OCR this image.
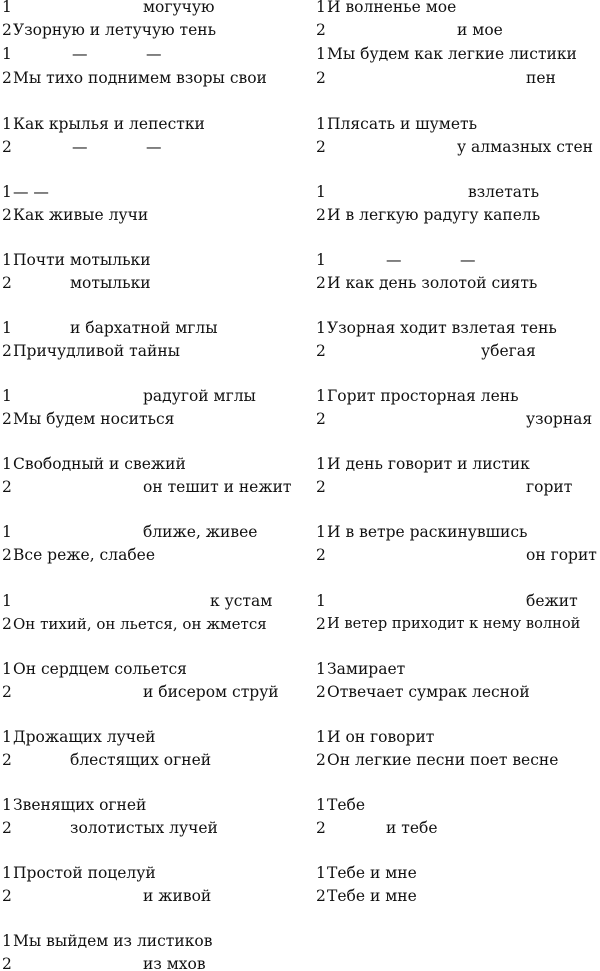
1	могучую
2 Узорную и летучую тень
1	—	—
2 Мы тихо поднимем взоры свои
1 Как крылья и лепестки
2	—	—
1 — —
2 Как живые лучи
1 Почти мотыльки
2	мотыльки
1	и бархатной мглы
2 Причудливой тайны
1	радугой мглы
2 Мы будем носиться
1 Свободный и свежий
2	он тешит и нежит
1	ближе, живее
2 Все реже, слабее
1	к устам
2 Он тихий, он льется, он жмется
1 Он сердцем сольется
2	и бисером струй
1 Дрожащих лучей
2	блестящих огней
1 Звенящих огней
2	золотистых лучей
1 Простой поцелуй
2	и живой
1 Мы выйдем из листиков
2	из мхов
1 И волненье мое
2	и мое
1 Мы будем как легкие листики
2	пен
1 Плясать и шуметь
2	у алмазных стен
1	взлетать
2 И в легкую радугу капель
1	—	—
2 И как день золотой сиять
1 Узорная ходит взлетая тень
2	убегая
1 Горит просторная лень
2	узорная
1 И день говорит и листик
2	горит
1 И в ветре раскинувшись
2	он горит
1	бежит
2 И ветер приходит к нему волной
1 Замирает
2 Отвечает сумрак лесной
1 И он говорит
2 Он легкие песни поет весне
1 Тебе
2	и тебе
1 Тебе и мне
2 Тебе и мне
